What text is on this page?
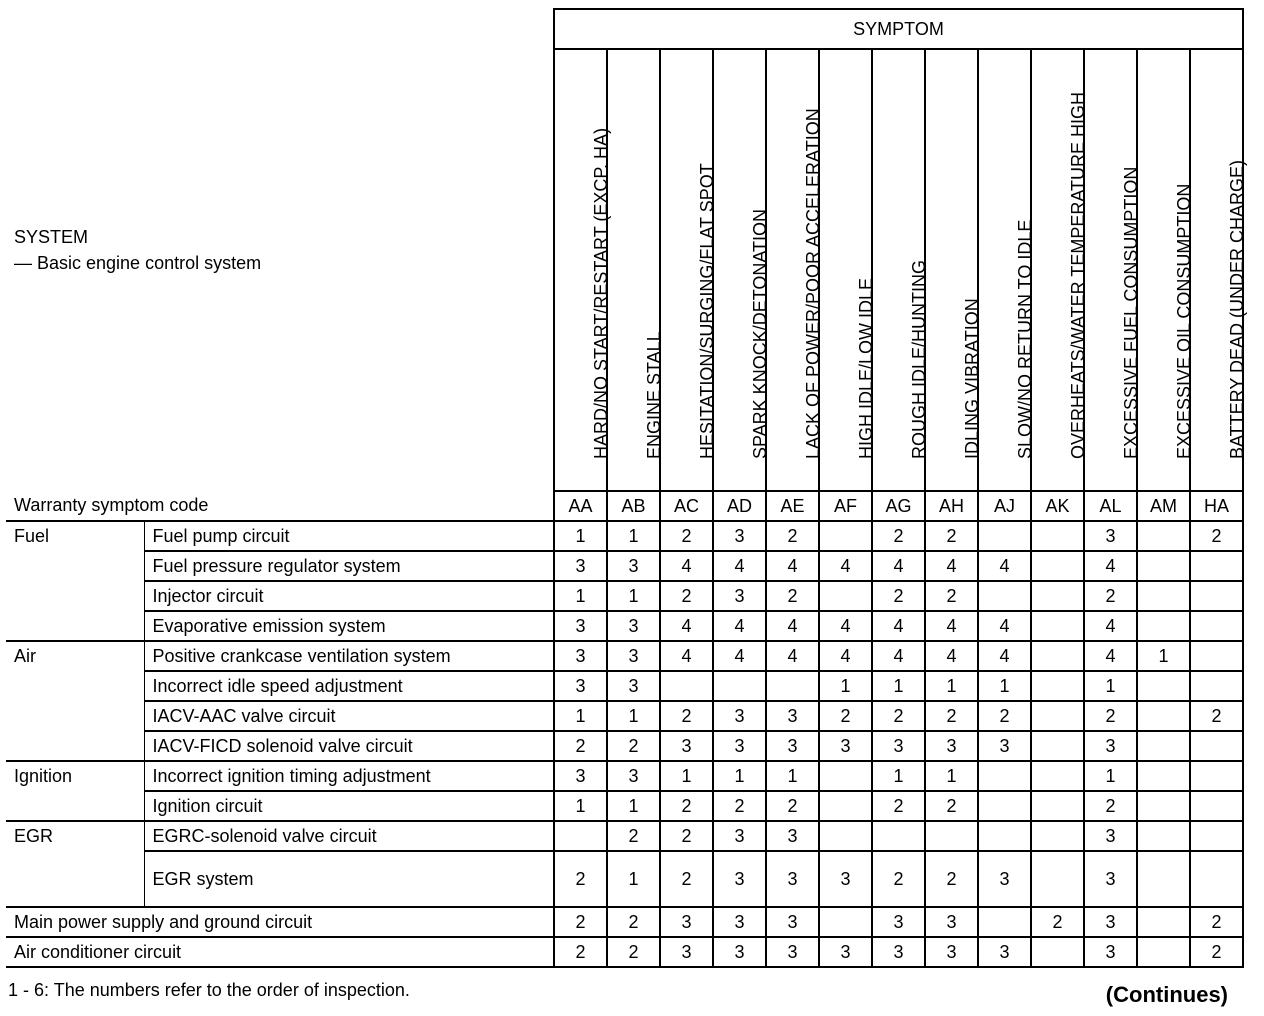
SYSTEM
— Basic engine control system		SYMPTOM												

		HARD/NO START/RESTART (EXCP. HA)	ENGINE STALL	HESITATION/SURGING/FLAT SPOT	SPARK KNOCK/DETONATION	LACK OF POWER/POOR ACCELERATION	HIGH IDLE/LOW IDLE	ROUGH IDLE/HUNTING	IDLING VIBRATION	SLOW/NO RETURN TO IDLE	OVERHEATS/WATER TEMPERATURE HIGH	EXCESSIVE FUEL CONSUMPTION	EXCESSIVE OIL CONSUMPTION	BATTERY DEAD (UNDER CHARGE)

Warranty symptom code		AA	AB	AC	AD	AE	AF	AG	AH	AJ	AK	AL	AM	HA
Fuel	Fuel pump circuit	1	1	2	3	2		2	2			3		2
	Fuel pressure regulator system	3	3	4	4	4	4	4	4	4		4		
	Injector circuit	1	1	2	3	2		2	2			2		
	Evaporative emission system	3	3	4	4	4	4	4	4	4		4		
Air	Positive crankcase ventilation system	3	3	4	4	4	4	4	4	4		4	1	
	Incorrect idle speed adjustment	3	3				1	1	1	1		1		
	IACV-AAC valve circuit	1	1	2	3	3	2	2	2	2		2		2
	IACV-FICD solenoid valve circuit	2	2	3	3	3	3	3	3	3		3		
Ignition	Incorrect ignition timing adjustment	3	3	1	1	1		1	1			1		
	Ignition circuit	1	1	2	2	2		2	2			2		
EGR	EGRC-solenoid valve circuit		2	2	3	3						3		
	EGR system	2	1	2	3	3	3	2	2	3		3		
Main power supply and ground circuit		2	2	3	3	3		3	3		2	3		2
Air conditioner circuit		2	2	3	3	3	3	3	3	3		3		2
1 - 6: The numbers refer to the order of inspection.	(Continues)
